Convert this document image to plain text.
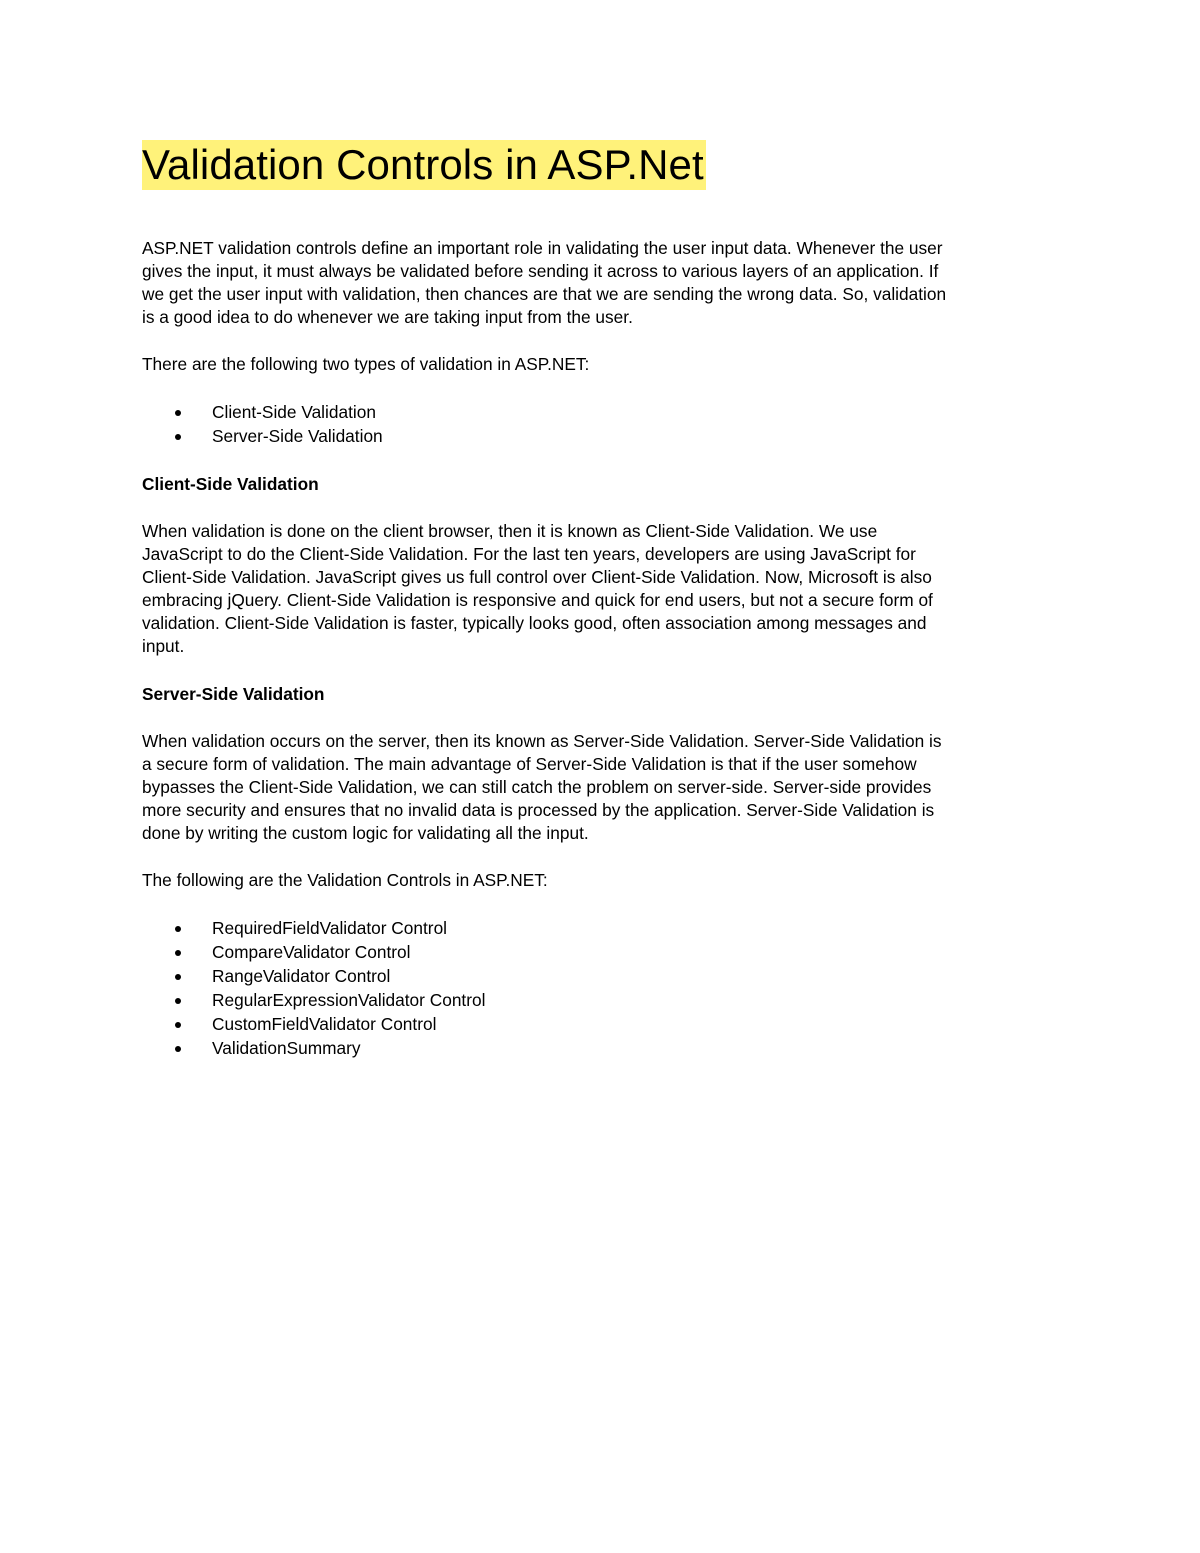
Validation Controls in ASP.Net

ASP.NET validation controls define an important role in validating the user input data. Whenever the user
gives the input, it must always be validated before sending it across to various layers of an application. If
we get the user input with validation, then chances are that we are sending the wrong data. So, validation
is a good idea to do whenever we are taking input from the user.

There are the following two types of validation in ASP.NET:

Client-Side Validation
Server-Side Validation
Client-Side Validation

When validation is done on the client browser, then it is known as Client-Side Validation. We use
JavaScript to do the Client-Side Validation. For the last ten years, developers are using JavaScript for
Client-Side Validation. JavaScript gives us full control over Client-Side Validation. Now, Microsoft is also
embracing jQuery. Client-Side Validation is responsive and quick for end users, but not a secure form of
validation. Client-Side Validation is faster, typically looks good, often association among messages and
input.

Server-Side Validation

When validation occurs on the server, then its known as Server-Side Validation. Server-Side Validation is
a secure form of validation. The main advantage of Server-Side Validation is that if the user somehow
bypasses the Client-Side Validation, we can still catch the problem on server-side. Server-side provides
more security and ensures that no invalid data is processed by the application. Server-Side Validation is
done by writing the custom logic for validating all the input.

The following are the Validation Controls in ASP.NET:

RequiredFieldValidator Control
CompareValidator Control
RangeValidator Control
RegularExpressionValidator Control
CustomFieldValidator Control
ValidationSummary
